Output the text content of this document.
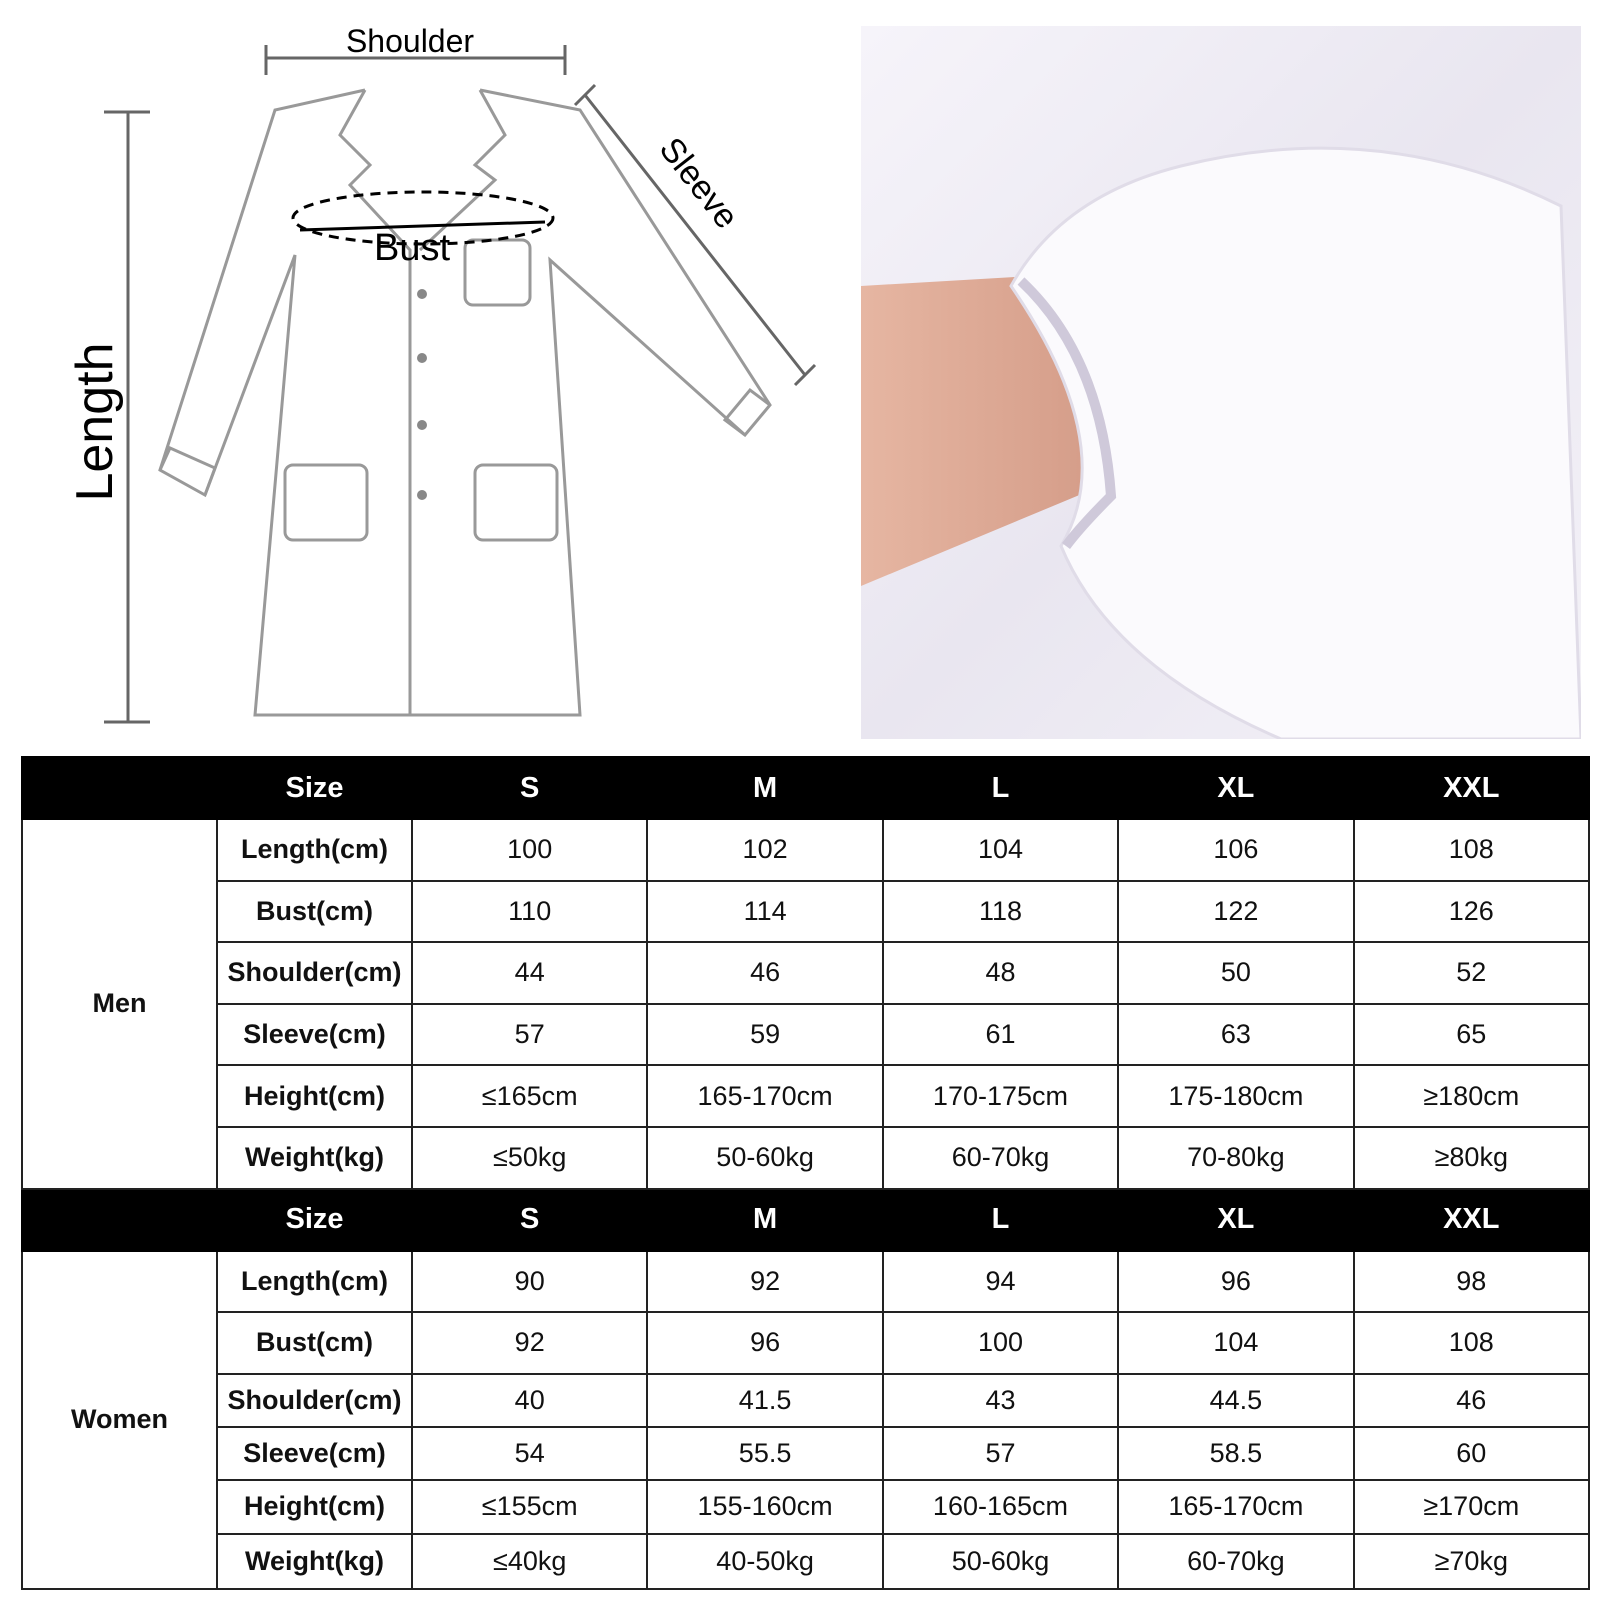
Shoulder
Sleeve
Bust
Length
	Size	S	M	L	XL	XXL
Men	Length(cm)	100	102	104	106	108
	Bust(cm)	110	114	118	122	126
	Shoulder(cm)	44	46	48	50	52
	Sleeve(cm)	57	59	61	63	65
	Height(cm)	≤165cm	165-170cm	170-175cm	175-180cm	≥180cm
	Weight(kg)	≤50kg	50-60kg	60-70kg	70-80kg	≥80kg
	Size	S	M	L	XL	XXL
Women	Length(cm)	90	92	94	96	98
	Bust(cm)	92	96	100	104	108
	Shoulder(cm)	40	41.5	43	44.5	46
	Sleeve(cm)	54	55.5	57	58.5	60
	Height(cm)	≤155cm	155-160cm	160-165cm	165-170cm	≥170cm
	Weight(kg)	≤40kg	40-50kg	50-60kg	60-70kg	≥70kg
